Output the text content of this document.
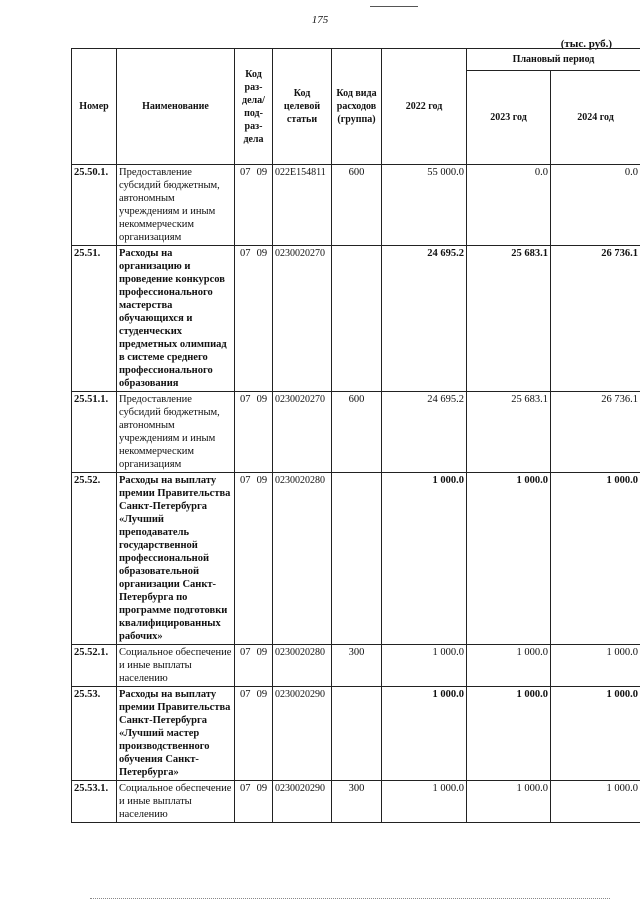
175
(тыс. руб.)
Номер	Наименование	Код раз- дела/ под- раз- дела	Код целевой статьи	Код вида расходов (группа)	2022 год	Плановый период	
						2023 год	2024 год
25.50.1.	Предоставление субсидий бюджетным, автономным учреждениям и иным некоммерческим организациям	07 09	022E154811	600	55 000.0	0.0	0.0
25.51.	Расходы на организацию и проведение конкурсов профессионального мастерства обучающихся и студенческих предметных олимпиад в системе среднего профессионального образования	07 09	0230020270		24 695.2	25 683.1	26 736.1
25.51.1.	Предоставление субсидий бюджетным, автономным учреждениям и иным некоммерческим организациям	07 09	0230020270	600	24 695.2	25 683.1	26 736.1
25.52.	Расходы на выплату премии Правительства Санкт-Петербурга «Лучший преподаватель государственной профессиональной образовательной организации Санкт-Петербурга по программе подготовки квалифицированных рабочих»	07 09	0230020280		1 000.0	1 000.0	1 000.0
25.52.1.	Социальное обеспечение и иные выплаты населению	07 09	0230020280	300	1 000.0	1 000.0	1 000.0
25.53.	Расходы на выплату премии Правительства Санкт-Петербурга «Лучший мастер производственного обучения Санкт-Петербурга»	07 09	0230020290		1 000.0	1 000.0	1 000.0
25.53.1.	Социальное обеспечение и иные выплаты населению	07 09	0230020290	300	1 000.0	1 000.0	1 000.0
